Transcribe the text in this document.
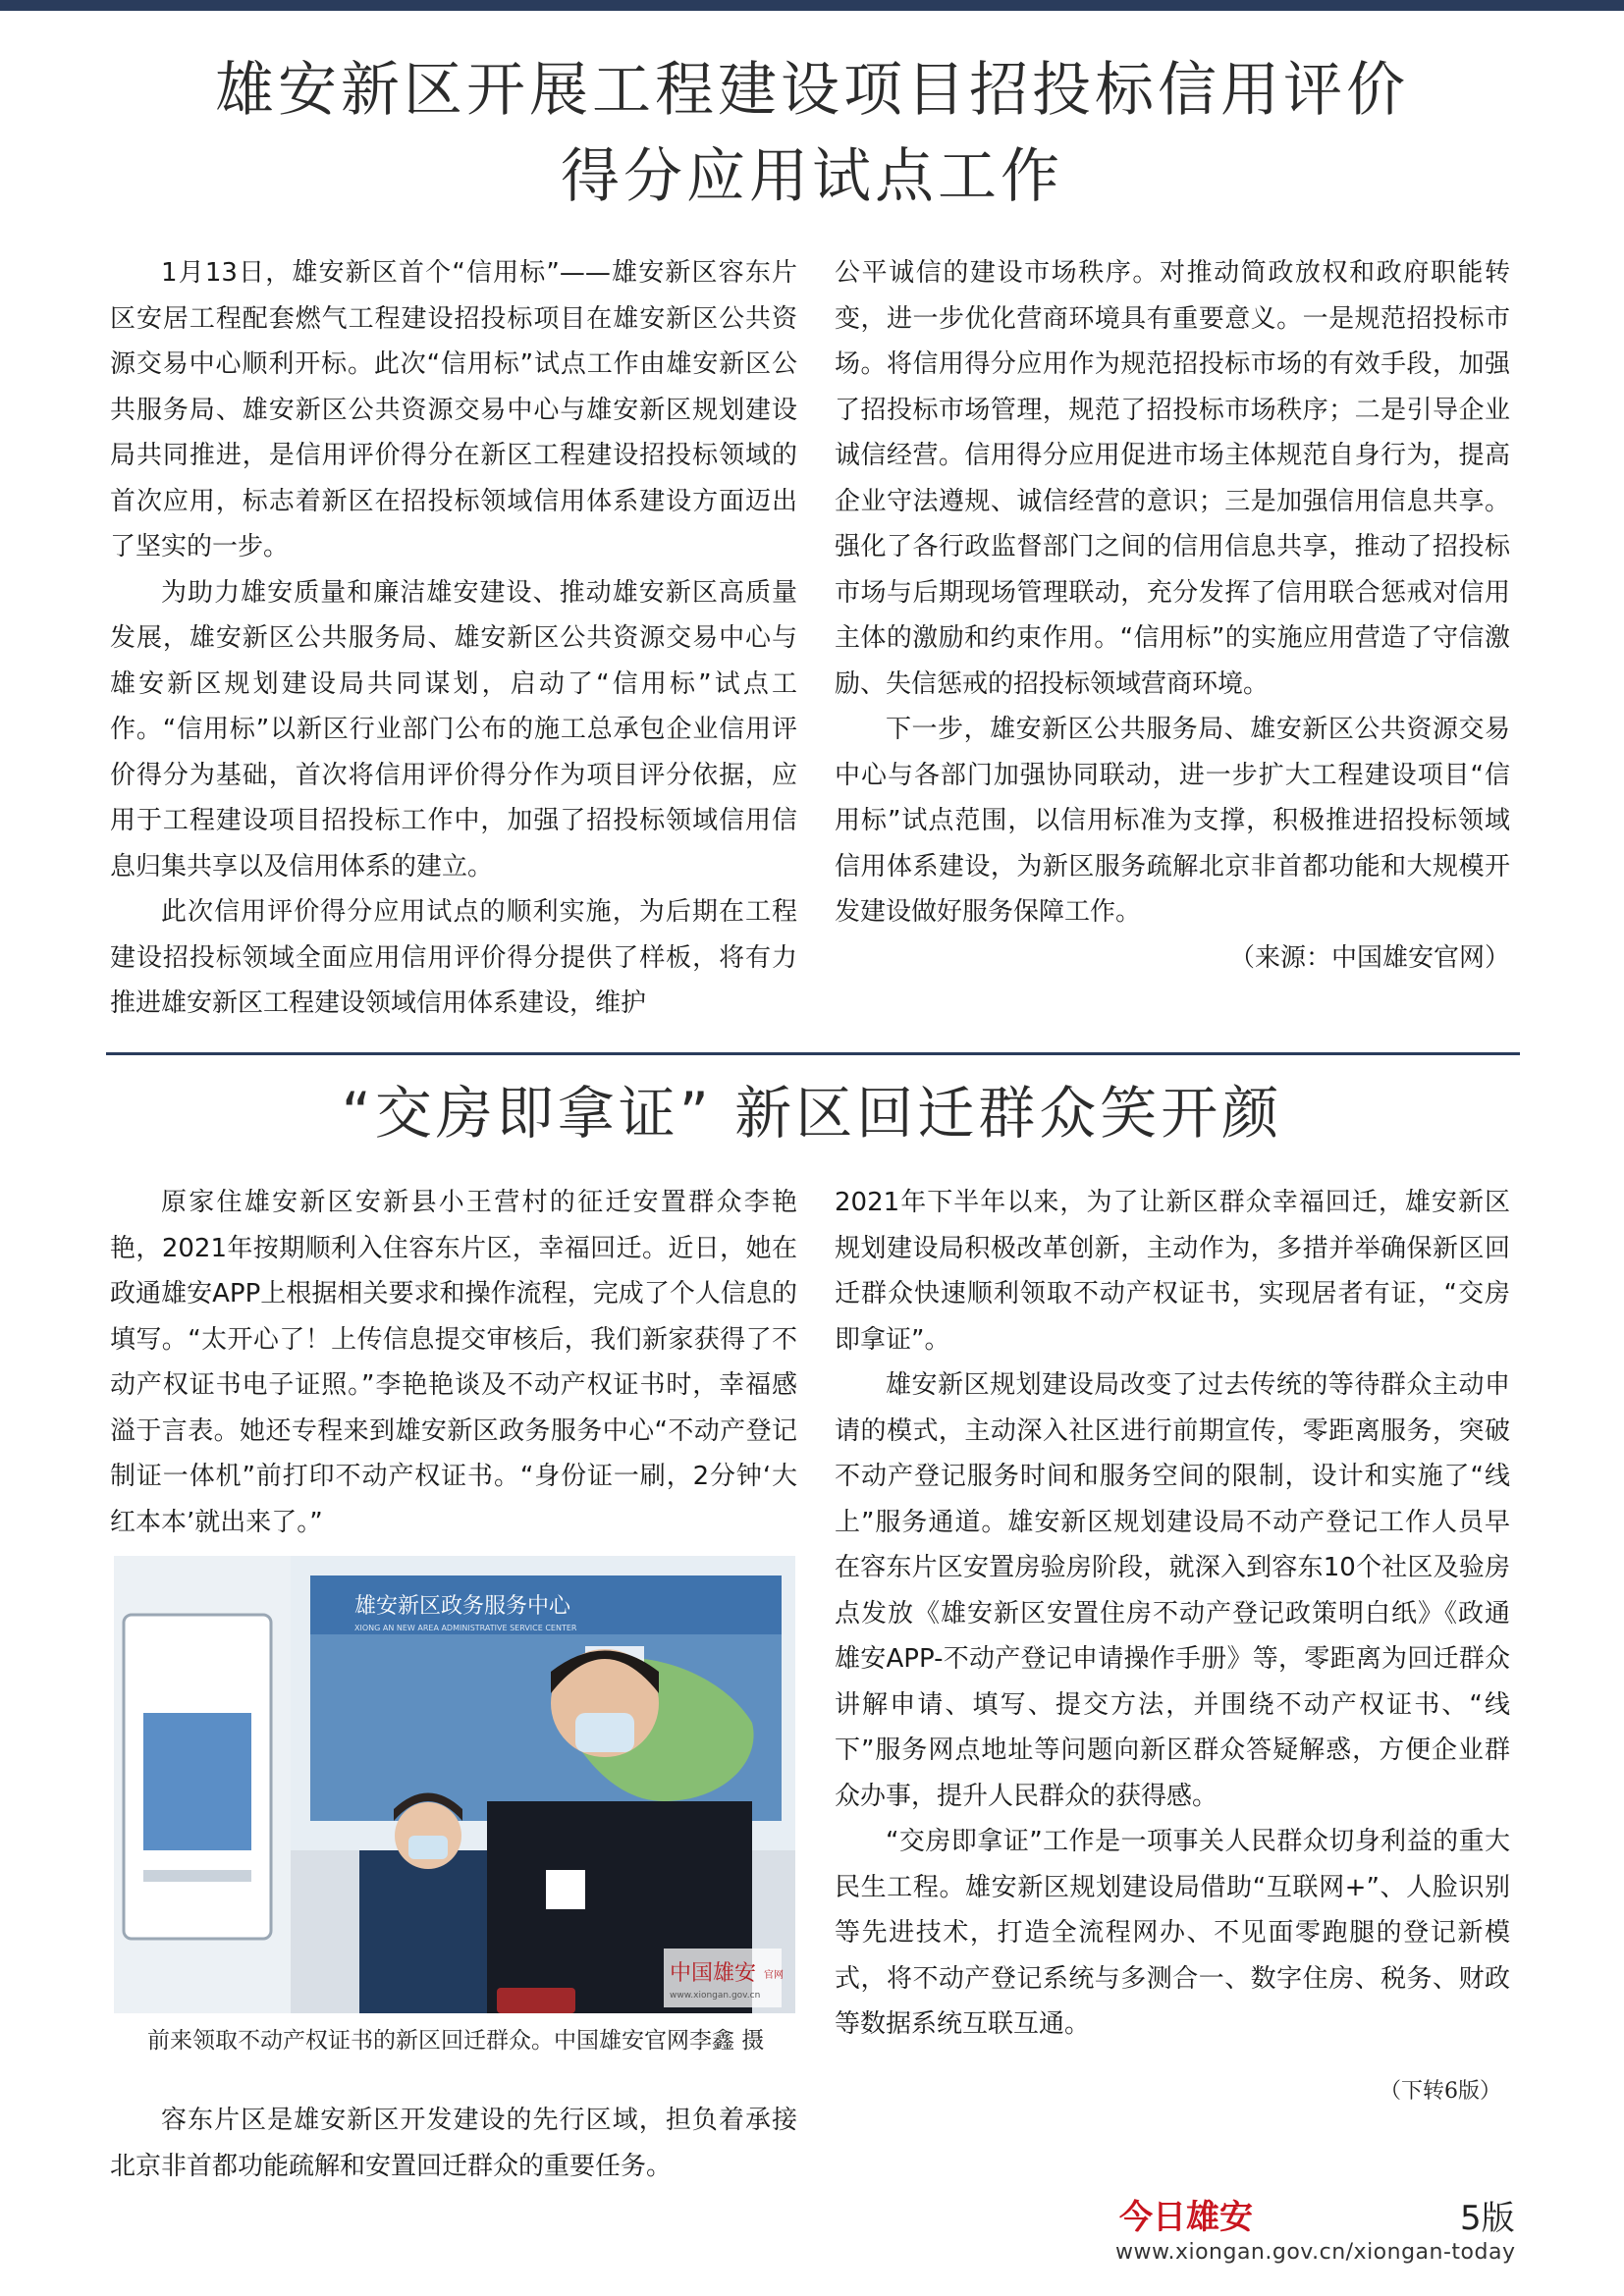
雄安新区开展工程建设项目招投标信用评价
得分应用试点工作

1月13日，雄安新区首个“信用标”——雄安新区容东片区安居工程配套燃气工程建设招投标项目在雄安新区公共资源交易中心顺利开标。此次“信用标”试点工作由雄安新区公共服务局、雄安新区公共资源交易中心与雄安新区规划建设局共同推进，是信用评价得分在新区工程建设招投标领域的首次应用，标志着新区在招投标领域信用体系建设方面迈出了坚实的一步。

为助力雄安质量和廉洁雄安建设、推动雄安新区高质量发展，雄安新区公共服务局、雄安新区公共资源交易中心与雄安新区规划建设局共同谋划，启动了“信用标”试点工作。“信用标”以新区行业部门公布的施工总承包企业信用评价得分为基础，首次将信用评价得分作为项目评分依据，应用于工程建设项目招投标工作中，加强了招投标领域信用信息归集共享以及信用体系的建立。

此次信用评价得分应用试点的顺利实施，为后期在工程建设招投标领域全面应用信用评价得分提供了样板，将有力推进雄安新区工程建设领域信用体系建设，维护

公平诚信的建设市场秩序。对推动简政放权和政府职能转变，进一步优化营商环境具有重要意义。一是规范招投标市场。将信用得分应用作为规范招投标市场的有效手段，加强了招投标市场管理，规范了招投标市场秩序；二是引导企业诚信经营。信用得分应用促进市场主体规范自身行为，提高企业守法遵规、诚信经营的意识；三是加强信用信息共享。强化了各行政监督部门之间的信用信息共享，推动了招投标市场与后期现场管理联动，充分发挥了信用联合惩戒对信用主体的激励和约束作用。“信用标”的实施应用营造了守信激励、失信惩戒的招投标领域营商环境。

下一步，雄安新区公共服务局、雄安新区公共资源交易中心与各部门加强协同联动，进一步扩大工程建设项目“信用标”试点范围，以信用标准为支撑，积极推进招投标领域信用体系建设，为新区服务疏解北京非首都功能和大规模开发建设做好服务保障工作。

（来源：中国雄安官网）

“交房即拿证” 新区回迁群众笑开颜

原家住雄安新区安新县小王营村的征迁安置群众李艳艳，2021年按期顺利入住容东片区，幸福回迁。近日，她在政通雄安APP上根据相关要求和操作流程，完成了个人信息的填写。“太开心了！上传信息提交审核后，我们新家获得了不动产权证书电子证照。”李艳艳谈及不动产权证书时，幸福感溢于言表。她还专程来到雄安新区政务服务中心“不动产登记制证一体机”前打印不动产权证书。“身份证一刷，2分钟‘大红本本’就出来了。”

雄安新区政务服务中心
XIONG AN NEW AREA ADMINISTRATIVE SERVICE CENTER
中国雄安
www.xiongan.gov.cn
官网

前来领取不动产权证书的新区回迁群众。中国雄安官网李鑫 摄

容东片区是雄安新区开发建设的先行区域，担负着承接北京非首都功能疏解和安置回迁群众的重要任务。

2021年下半年以来，为了让新区群众幸福回迁，雄安新区规划建设局积极改革创新，主动作为，多措并举确保新区回迁群众快速顺利领取不动产权证书，实现居者有证，“交房即拿证”。

雄安新区规划建设局改变了过去传统的等待群众主动申请的模式，主动深入社区进行前期宣传，零距离服务，突破不动产登记服务时间和服务空间的限制，设计和实施了“线上”服务通道。雄安新区规划建设局不动产登记工作人员早在容东片区安置房验房阶段，就深入到容东10个社区及验房点发放《雄安新区安置住房不动产登记政策明白纸》《政通雄安APP-不动产登记申请操作手册》等，零距离为回迁群众讲解申请、填写、提交方法，并围绕不动产权证书、“线下”服务网点地址等问题向新区群众答疑解惑，方便企业群众办事，提升人民群众的获得感。

“交房即拿证”工作是一项事关人民群众切身利益的重大民生工程。雄安新区规划建设局借助“互联网+”、人脸识别等先进技术，打造全流程网办、不见面零跑腿的登记新模式，将不动产登记系统与多测合一、数字住房、税务、财政等数据系统互联互通。

（下转6版）
今日雄安	5版
www.xiongan.gov.cn/xiongan-today
